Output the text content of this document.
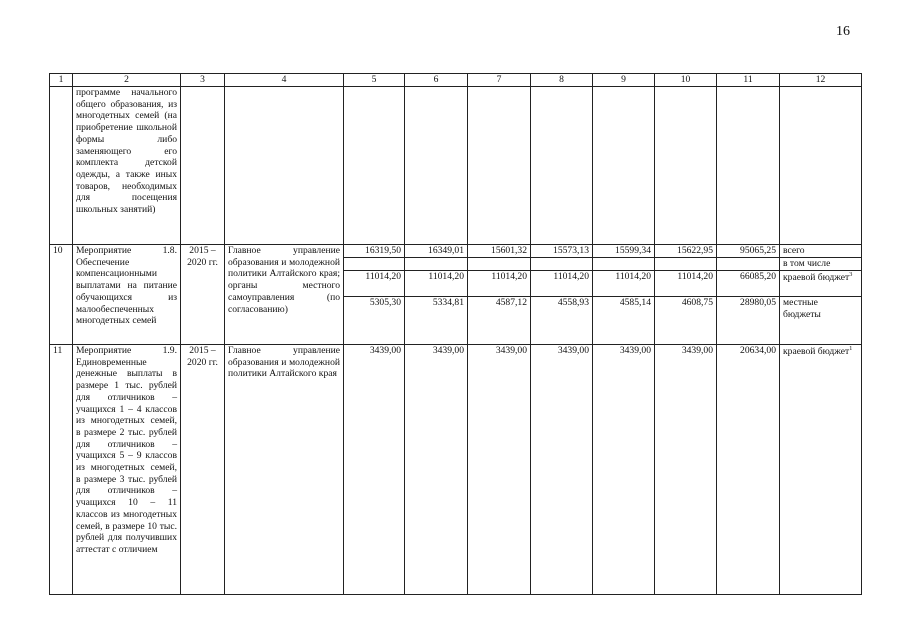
16
1	2	3	4	5	6	7	8	9	10	11	12
	программе начального общего образования, из многодетных семей (на приобретение школьной формы либо заменяющего его комплекта детской одежды, а также иных товаров, необходимых для посещения школьных занятий)										
10	Мероприятие 1.8. Обеспечение компенсационными выплатами на питание обучающихся из малообеспеченных многодетных семей	2015 – 2020 гг.	Главное управление образования и молодежной политики Алтайского края; органы местного самоуправления (по согласованию)	16319,50	16349,01	15601,32	15573,13	15599,34	15622,95	95065,25	всего
											в том числе
				11014,20	11014,20	11014,20	11014,20	11014,20	11014,20	66085,20	краевой бюджет$^3$
				5305,30	5334,81	4587,12	4558,93	4585,14	4608,75	28980,05	местные бюджеты
11	Мероприятие 1.9. Единовременные денежные выплаты в размере 1 тыс. рублей для отличников – учащихся 1 – 4 классов из многодетных семей, в размере 2 тыс. рублей для отличников – учащихся 5 – 9 классов из многодетных семей, в размере 3 тыс. рублей для отличников – учащихся 10 – 11 классов из многодетных семей, в размере 10 тыс. рублей для получивших аттестат с отличием	2015 – 2020 гг.	Главное управление образования и молодежной политики Алтайского края	3439,00	3439,00	3439,00	3439,00	3439,00	3439,00	20634,00	краевой бюджет$^1$
